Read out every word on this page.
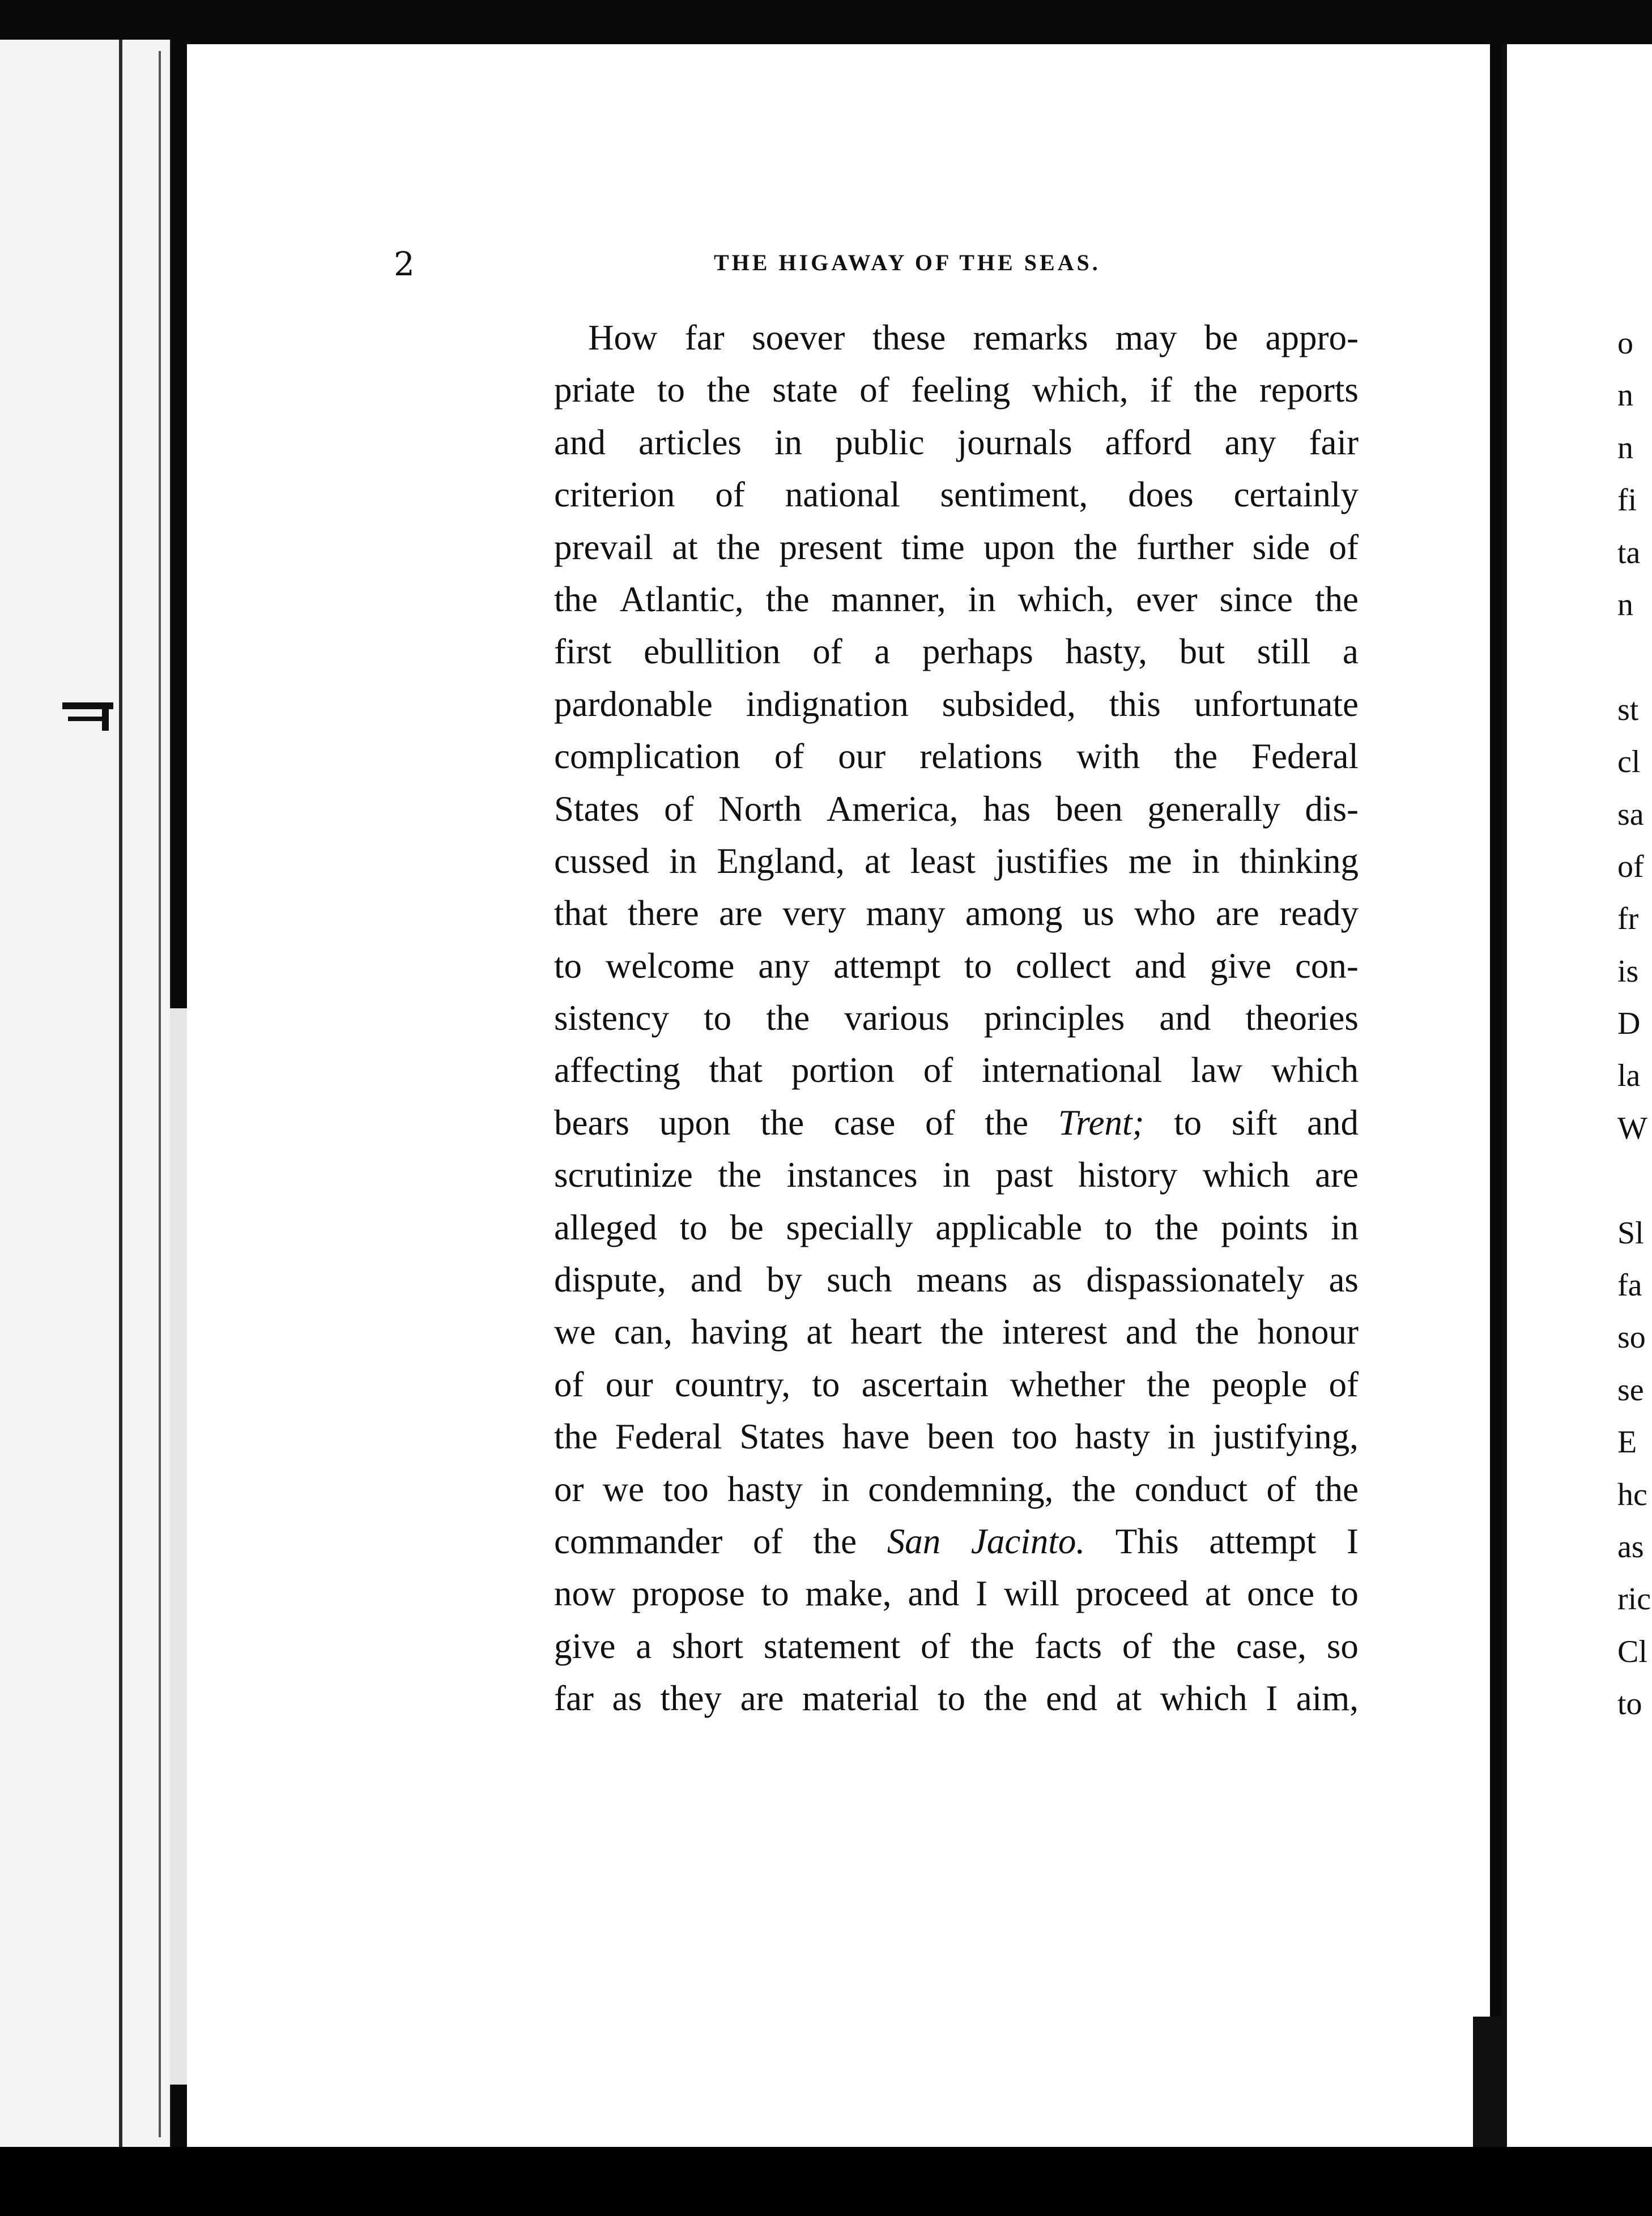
2	THE HIGAWAY OF THE SEAS.
How far soever these remarks may be appro-
priate to the state of feeling which, if the reports
and articles in public journals afford any fair
criterion of national sentiment, does certainly
prevail at the present time upon the further side of
the Atlantic, the manner, in which, ever since the
first ebullition of a perhaps hasty, but still a
pardonable indignation subsided, this unfortunate
complication of our relations with the Federal
States of North America, has been generally dis-
cussed in England, at least justifies me in thinking
that there are very many among us who are ready
to welcome any attempt to collect and give con-
sistency to the various principles and theories
affecting that portion of international law which
bears upon the case of the Trent; to sift and
scrutinize the instances in past history which are
alleged to be specially applicable to the points in
dispute, and by such means as dispassionately as
we can, having at heart the interest and the honour
of our country, to ascertain whether the people of
the Federal States have been too hasty in justifying,
or we too hasty in condemning, the conduct of the
commander of the San Jacinto. This attempt I
now propose to make, and I will proceed at once to
give a short statement of the facts of the case, so
far as they are material to the end at which I aim,
o
n
n
fi
ta
n
st
cl
sa
of
fr
is
D
la
W
Sl
fa
so
se
E
hc
as
ric
Cl
to
